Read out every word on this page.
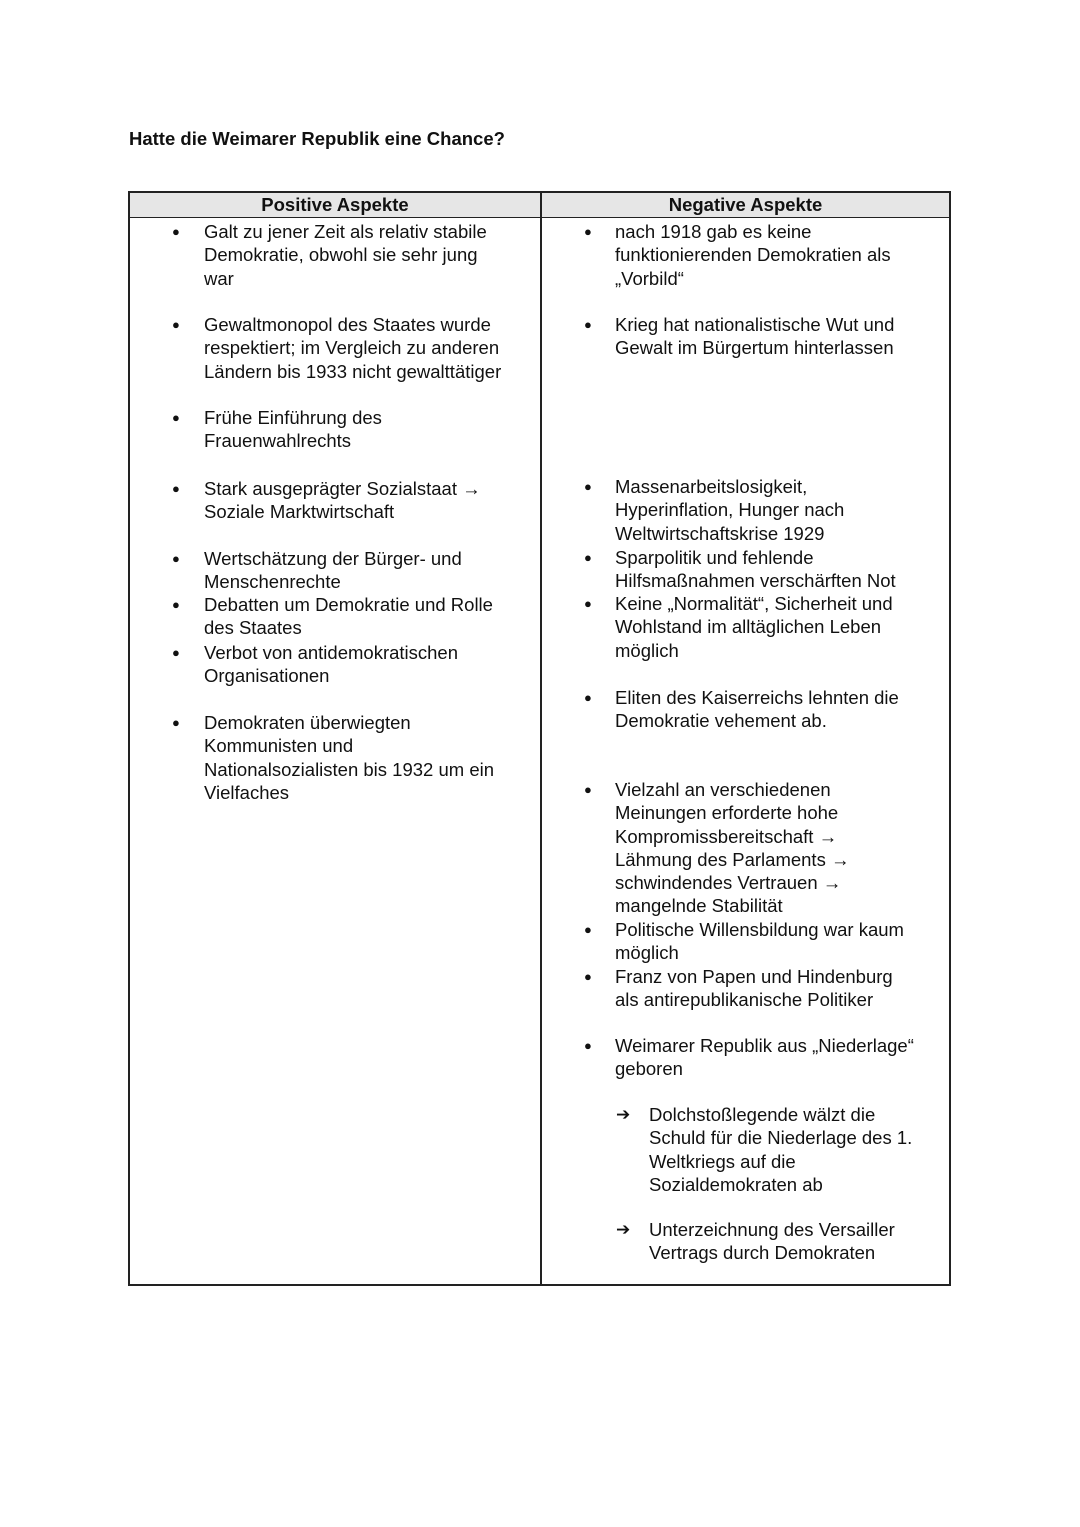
Hatte die Weimarer Republik eine Chance?
Positive Aspekte
● Galt zu jener Zeit als relativ stabile
Demokratie, obwohl sie sehr jung
war
● Gewaltmonopol des Staates wurde
respektiert; im Vergleich zu anderen
Ländern bis 1933 nicht gewalttätiger
● Frühe Einführung des
Frauenwahlrechts
● Stark ausgeprägter Sozialstaat →
Soziale Marktwirtschaft
● Wertschätzung der Bürger- und
Menschenrechte
● Debatten um Demokratie und Rolle
des Staates
● Verbot von antidemokratischen
Organisationen
● Demokraten überwiegten
Kommunisten und
Nationalsozialisten bis 1932 um ein
Vielfaches
Negative Aspekte
● nach 1918 gab es keine
funktionierenden Demokratien als
„Vorbild“
● Krieg hat nationalistische Wut und
Gewalt im Bürgertum hinterlassen
● Massenarbeitslosigkeit,
Hyperinflation, Hunger nach
Weltwirtschaftskrise 1929
● Sparpolitik und fehlende
Hilfsmaßnahmen verschärften Not
● Keine „Normalität“, Sicherheit und
Wohlstand im alltäglichen Leben
möglich
● Eliten des Kaiserreichs lehnten die
Demokratie vehement ab.
● Vielzahl an verschiedenen
Meinungen erforderte hohe
Kompromissbereitschaft →
Lähmung des Parlaments →
schwindendes Vertrauen →
mangelnde Stabilität
● Politische Willensbildung war kaum
möglich
● Franz von Papen und Hindenburg
als antirepublikanische Politiker
● Weimarer Republik aus „Niederlage“
geboren
➔ Dolchstoßlegende wälzt die
Schuld für die Niederlage des 1.
Weltkriegs auf die
Sozialdemokraten ab
➔ Unterzeichnung des Versailler
Vertrags durch Demokraten
